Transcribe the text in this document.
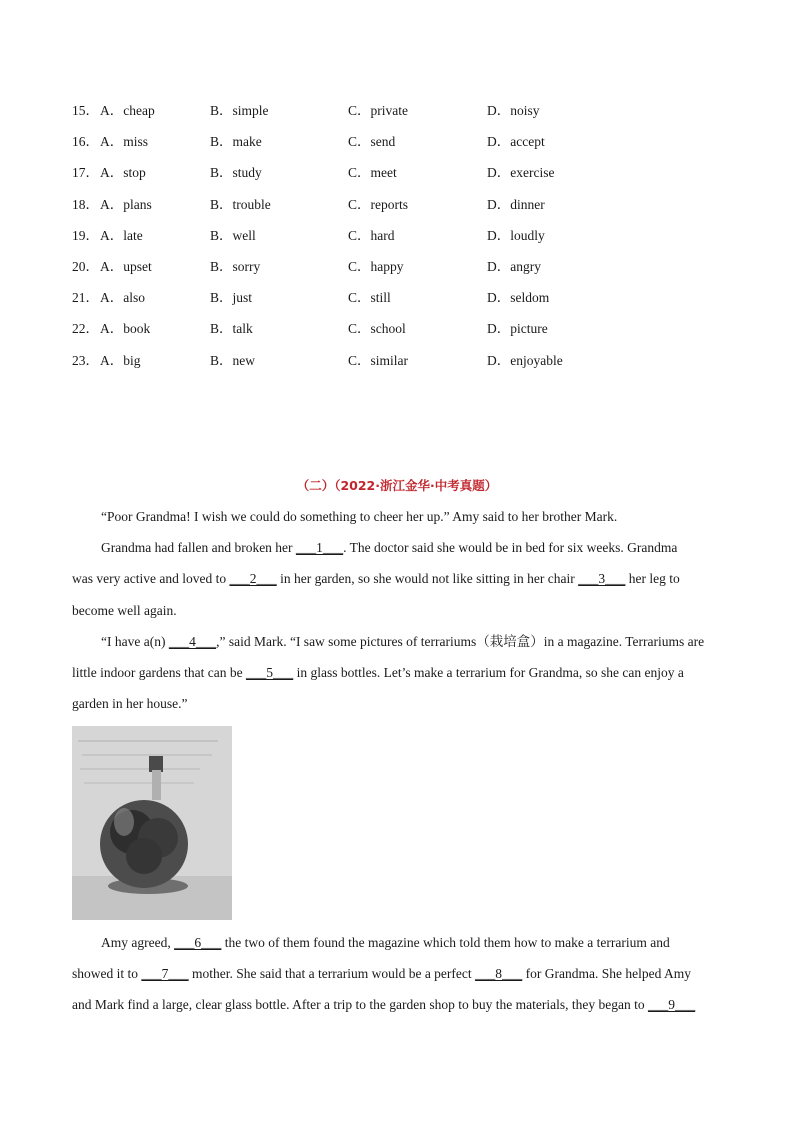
15． A．cheap	B．simple	C．private	D．noisy
16． A．miss	B．make	C．send	D．accept
17． A．stop	B．study	C．meet	D．exercise
18． A．plans	B．trouble	C．reports	D．dinner
19． A．late	B．well	C．hard	D．loudly
20． A．upset	B．sorry	C．happy	D．angry
21． A．also	B．just	C．still	D．seldom
22． A．book	B．talk	C．school	D．picture
23． A．big	B．new	C．similar	D．enjoyable
（二）（2022·浙江金华·中考真题）
“Poor Grandma! I wish we could do something to cheer her up.” Amy said to her brother Mark.
Grandma had fallen and broken her ___1___. The doctor said she would be in bed for six weeks. Grandma
was very active and loved to ___2___ in her garden, so she would not like sitting in her chair ___3___ her leg to
become well again.
“I have a(n) ___4___,” said Mark. “I saw some pictures of terrariums（栽培盒）in a magazine. Terrariums are
little indoor gardens that can be ___5___ in glass bottles. Let’s make a terrarium for Grandma, so she can enjoy a
garden in her house.”
Amy agreed, ___6___ the two of them found the magazine which told them how to make a terrarium and
showed it to ___7___ mother. She said that a terrarium would be a perfect ___8___ for Grandma. She helped Amy
and Mark find a large, clear glass bottle. After a trip to the garden shop to buy the materials, they began to ___9___
